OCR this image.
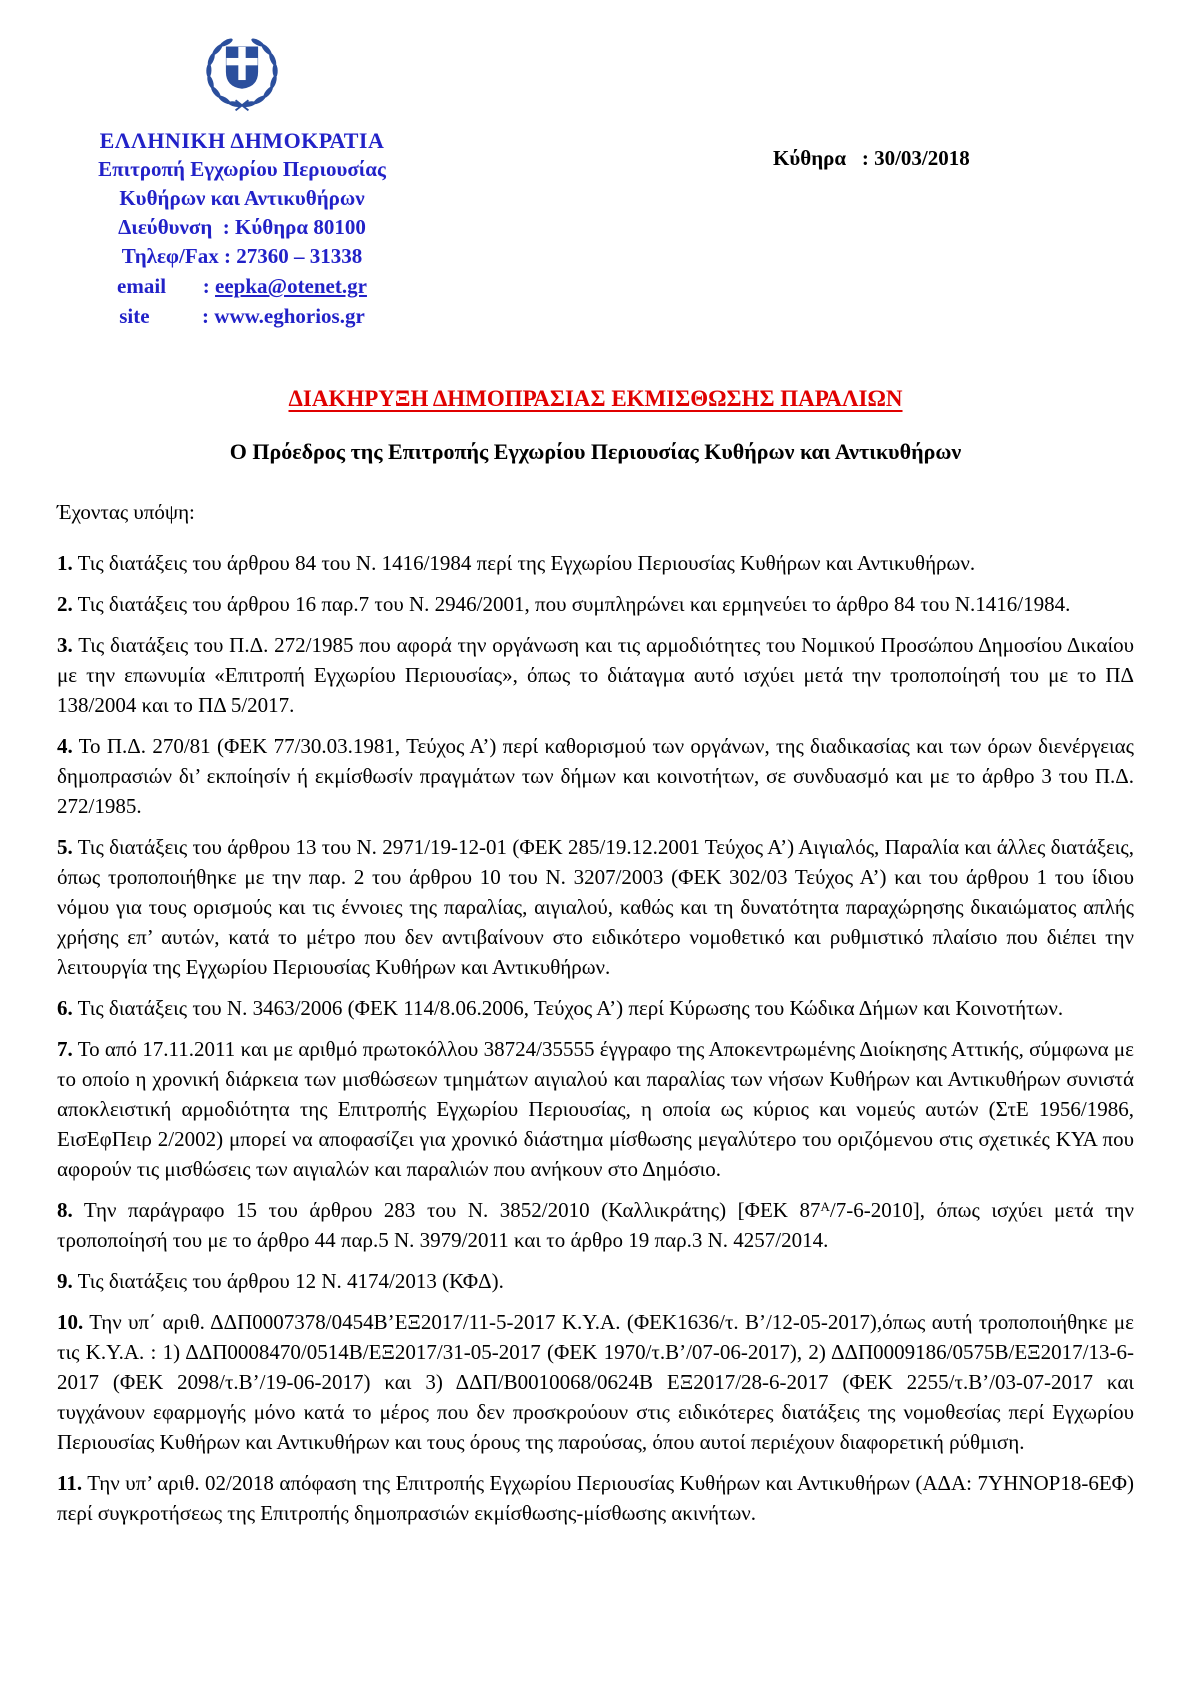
ΕΛΛΗΝΙΚΗ ΔΗΜΟΚΡΑΤΙΑ
Επιτροπή Εγχωρίου Περιουσίας
Κυθήρων και Αντικυθήρων
Διεύθυνση  : Κύθηρα 80100
Τηλεφ/Fax : 27360 – 31338
email       : eepka@otenet.gr
site          : www.eghorios.gr
Κύθηρα   : 30/03/2018
ΔΙΑΚΗΡΥΞΗ ΔΗΜΟΠΡΑΣΙΑΣ ΕΚΜΙΣΘΩΣΗΣ ΠΑΡΑΛΙΩΝ
Ο Πρόεδρος της Επιτροπής Εγχωρίου Περιουσίας Κυθήρων και Αντικυθήρων

Έχοντας υπόψη:

1. Τις διατάξεις του άρθρου 84 του Ν. 1416/1984 περί της Εγχωρίου Περιουσίας Κυθήρων και Αντικυθήρων.

2. Τις διατάξεις του άρθρου 16 παρ.7 του Ν. 2946/2001, που συμπληρώνει και ερμηνεύει το άρθρο 84 του Ν.1416/1984.

3. Τις διατάξεις του Π.Δ. 272/1985 που αφορά την οργάνωση και τις αρμοδιότητες του Νομικού Προσώπου Δημοσίου Δικαίου με την επωνυμία «Επιτροπή Εγχωρίου Περιουσίας», όπως το διάταγμα αυτό ισχύει μετά την τροποποίησή του με το ΠΔ 138/2004 και το ΠΔ 5/2017.

4. Το Π.Δ. 270/81 (ΦΕΚ 77/30.03.1981, Τεύχος Α’) περί καθορισμού των οργάνων, της διαδικασίας και των όρων διενέργειας δημοπρασιών δι’ εκποίησίν ή εκμίσθωσίν πραγμάτων των δήμων και κοινοτήτων, σε συνδυασμό και με το άρθρο 3 του Π.Δ. 272/1985.

5. Τις διατάξεις του άρθρου 13 του Ν. 2971/19-12-01 (ΦΕΚ 285/19.12.2001 Τεύχος Α’) Αιγιαλός, Παραλία και άλλες διατάξεις, όπως τροποποιήθηκε με την παρ. 2 του άρθρου 10 του Ν. 3207/2003 (ΦΕΚ 302/03 Τεύχος Α’) και του άρθρου 1 του ίδιου νόμου για τους ορισμούς και τις έννοιες της παραλίας, αιγιαλού, καθώς και τη δυνατότητα παραχώρησης δικαιώματος απλής χρήσης επ’ αυτών, κατά το μέτρο που δεν αντιβαίνουν στο ειδικότερο νομοθετικό και ρυθμιστικό πλαίσιο που διέπει την λειτουργία της Εγχωρίου Περιουσίας Κυθήρων και Αντικυθήρων.

6. Τις διατάξεις του Ν. 3463/2006 (ΦΕΚ 114/8.06.2006, Τεύχος Α’) περί Κύρωσης του Κώδικα Δήμων και Κοινοτήτων.

7. Το από 17.11.2011 και με αριθμό πρωτοκόλλου 38724/35555 έγγραφο της Αποκεντρωμένης Διοίκησης Αττικής, σύμφωνα με το οποίο η χρονική διάρκεια των μισθώσεων τμημάτων αιγιαλού και παραλίας των νήσων Κυθήρων και Αντικυθήρων συνιστά αποκλειστική αρμοδιότητα της Επιτροπής Εγχωρίου Περιουσίας, η οποία ως κύριος και νομεύς αυτών (ΣτΕ 1956/1986, ΕισΕφΠειρ 2/2002) μπορεί να αποφασίζει για χρονικό διάστημα μίσθωσης μεγαλύτερο του οριζόμενου στις σχετικές ΚΥΑ που αφορούν τις μισθώσεις των αιγιαλών και παραλιών που ανήκουν στο Δημόσιο.

8. Την παράγραφο 15 του άρθρου 283 του Ν. 3852/2010 (Καλλικράτης) [ΦΕΚ $87^A/7-6-2010$], όπως ισχύει μετά την τροποποίησή του με το άρθρο 44 παρ.5 Ν. 3979/2011 και το άρθρο 19 παρ.3 Ν. 4257/2014.

9. Τις διατάξεις του άρθρου 12 Ν. 4174/2013 (ΚΦΔ).

10. Την υπ΄ αριθ. ΔΔΠ0007378/0454Β’ΕΞ2017/11-5-2017 Κ.Υ.Α. (ΦΕΚ1636/τ. Β’/12-05-2017),όπως αυτή τροποποιήθηκε με τις Κ.Υ.Α. : 1) ΔΔΠ0008470/0514Β/ΕΞ2017/31-05-2017 (ΦΕΚ 1970/τ.Β’/07-06-2017), 2) ΔΔΠ0009186/0575Β/ΕΞ2017/13-6-2017 (ΦΕΚ 2098/τ.Β’/19-06-2017) και 3) ΔΔΠ/Β0010068/0624Β ΕΞ2017/28-6-2017 (ΦΕΚ 2255/τ.Β’/03-07-2017 και τυγχάνουν εφαρμογής μόνο κατά το μέρος που δεν προσκρούουν στις ειδικότερες διατάξεις της νομοθεσίας περί Εγχωρίου Περιουσίας Κυθήρων και Αντικυθήρων και τους όρους της παρούσας, όπου αυτοί περιέχουν διαφορετική ρύθμιση.

11. Την υπ’ αριθ. 02/2018 απόφαση της Επιτροπής Εγχωρίου Περιουσίας Κυθήρων και Αντικυθήρων (ΑΔΑ: 7ΥΗΝΟΡ18-6ΕΦ) περί συγκροτήσεως της Επιτροπής δημοπρασιών εκμίσθωσης-μίσθωσης ακινήτων.
